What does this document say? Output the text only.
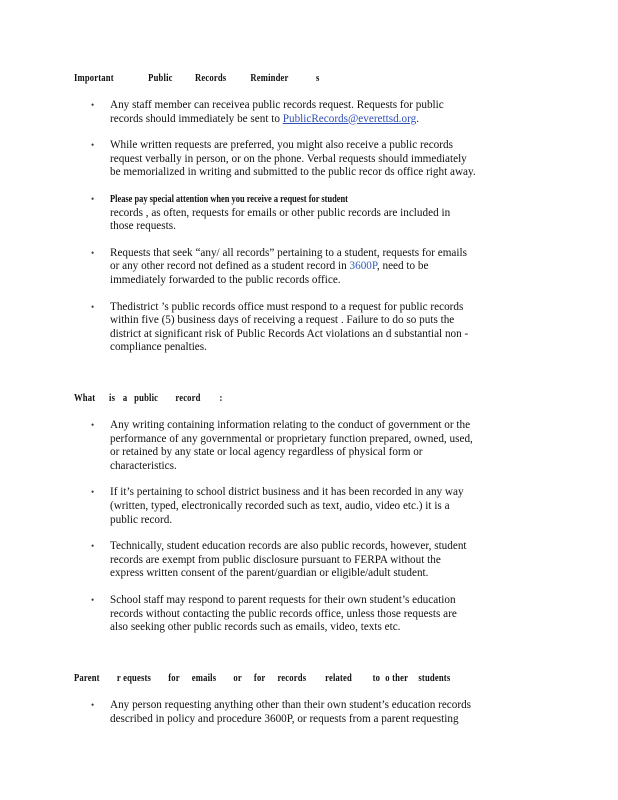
Important	Public Records Reminder	s
• Any staff member can receivea public records request. Requests for public
records should immediately be sent to PublicRecords@everettsd.org.
• While written requests are preferred, you might also receive a public records
request verbally in person, or on the phone. Verbal requests should immediately
be memorialized in writing and submitted to the public recor ds office right away.
• Please pay special attention when you receive a request for student
records , as often, requests for emails or other public records are included in
those requests.
• Requests that seek “any/ all records” pertaining to a student, requests for emails
or any other record not defined as a student record in 3600P, need to be
immediately forwarded to the public records office.
• Thedistrict ’s public records office must respond to a request for public records
within five (5) business days of receiving a request . Failure to do so puts the
district at significant risk of Public Records Act violations an d substantial non -
compliance penalties.
What is a public record :
• Any writing containing information relating to the conduct of government or the
performance of any governmental or proprietary function prepared, owned, used,
or retained by any state or local agency regardless of physical form or
characteristics.
• If it’s pertaining to school district business and it has been recorded in any way
(written, typed, electronically recorded such as text, audio, video etc.) it is a
public record.
• Technically, student education records are also public records, however, student
records are exempt from public disclosure pursuant to FERPA without the
express written consent of the parent/guardian or eligible/adult student.
• School staff may respond to parent requests for their own student’s education
records without contacting the public records office, unless those requests are
also seeking other public records such as emails, video, texts etc.
Parent r equests for emails or for records related to o ther students
• Any person requesting anything other than their own student’s education records
described in policy and procedure 3600P, or requests from a parent requesting
